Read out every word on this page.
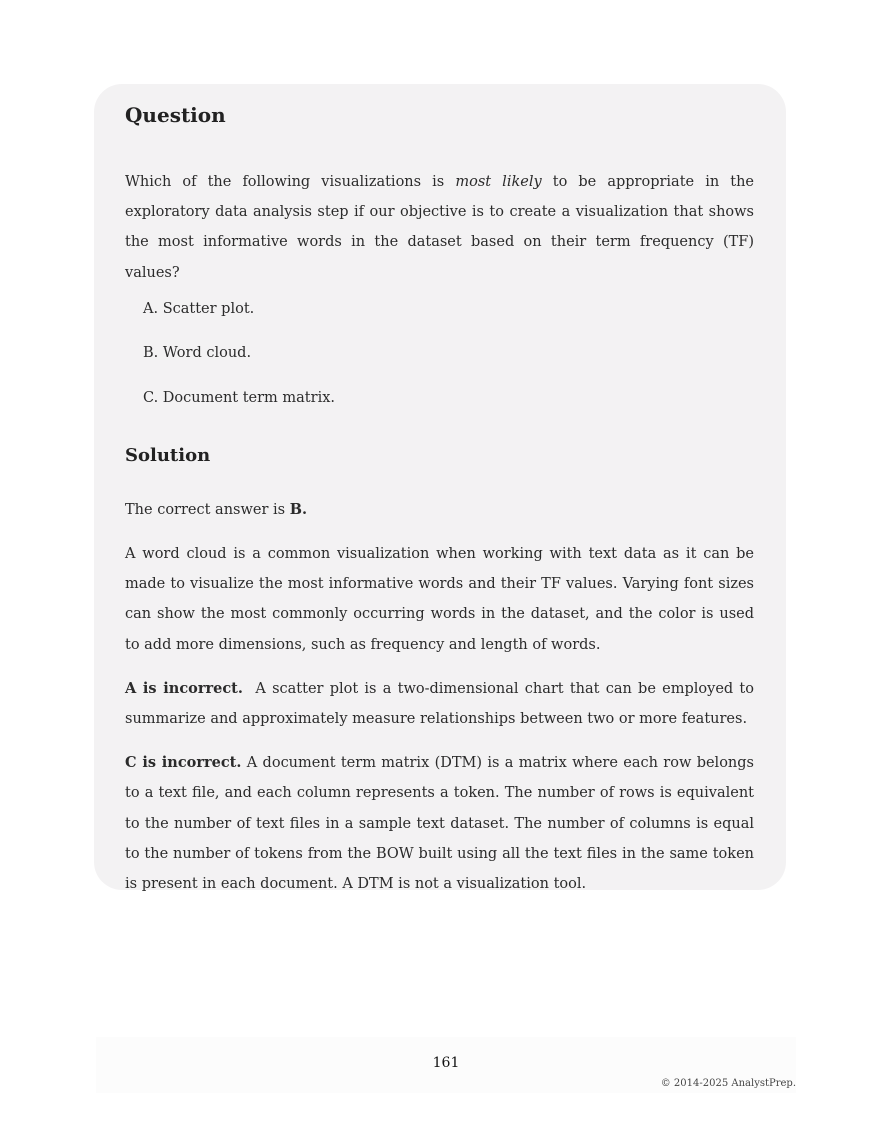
Question

Which of the following visualizations is most likely to be appropriate in the exploratory data analysis step if our objective is to create a visualization that shows the most informative words in the dataset based on their term frequency (TF) values?

A. Scatter plot.
B. Word cloud.
C. Document term matrix.
Solution

The correct answer is B.

A word cloud is a common visualization when working with text data as it can be made to visualize the most informative words and their TF values. Varying font sizes can show the most commonly occurring words in the dataset, and the color is used to add more dimensions, such as frequency and length of words.

A is incorrect.  A scatter plot is a two-dimensional chart that can be employed to summarize and approximately measure relationships between two or more features.

C is incorrect. A document term matrix (DTM) is a matrix where each row belongs to a text file, and each column represents a token. The number of rows is equivalent to the number of text files in a sample text dataset. The number of columns is equal to the number of tokens from the BOW built using all the text files in the same token is present in each document. A DTM is not a visualization tool.

161
© 2014-2025 AnalystPrep.
